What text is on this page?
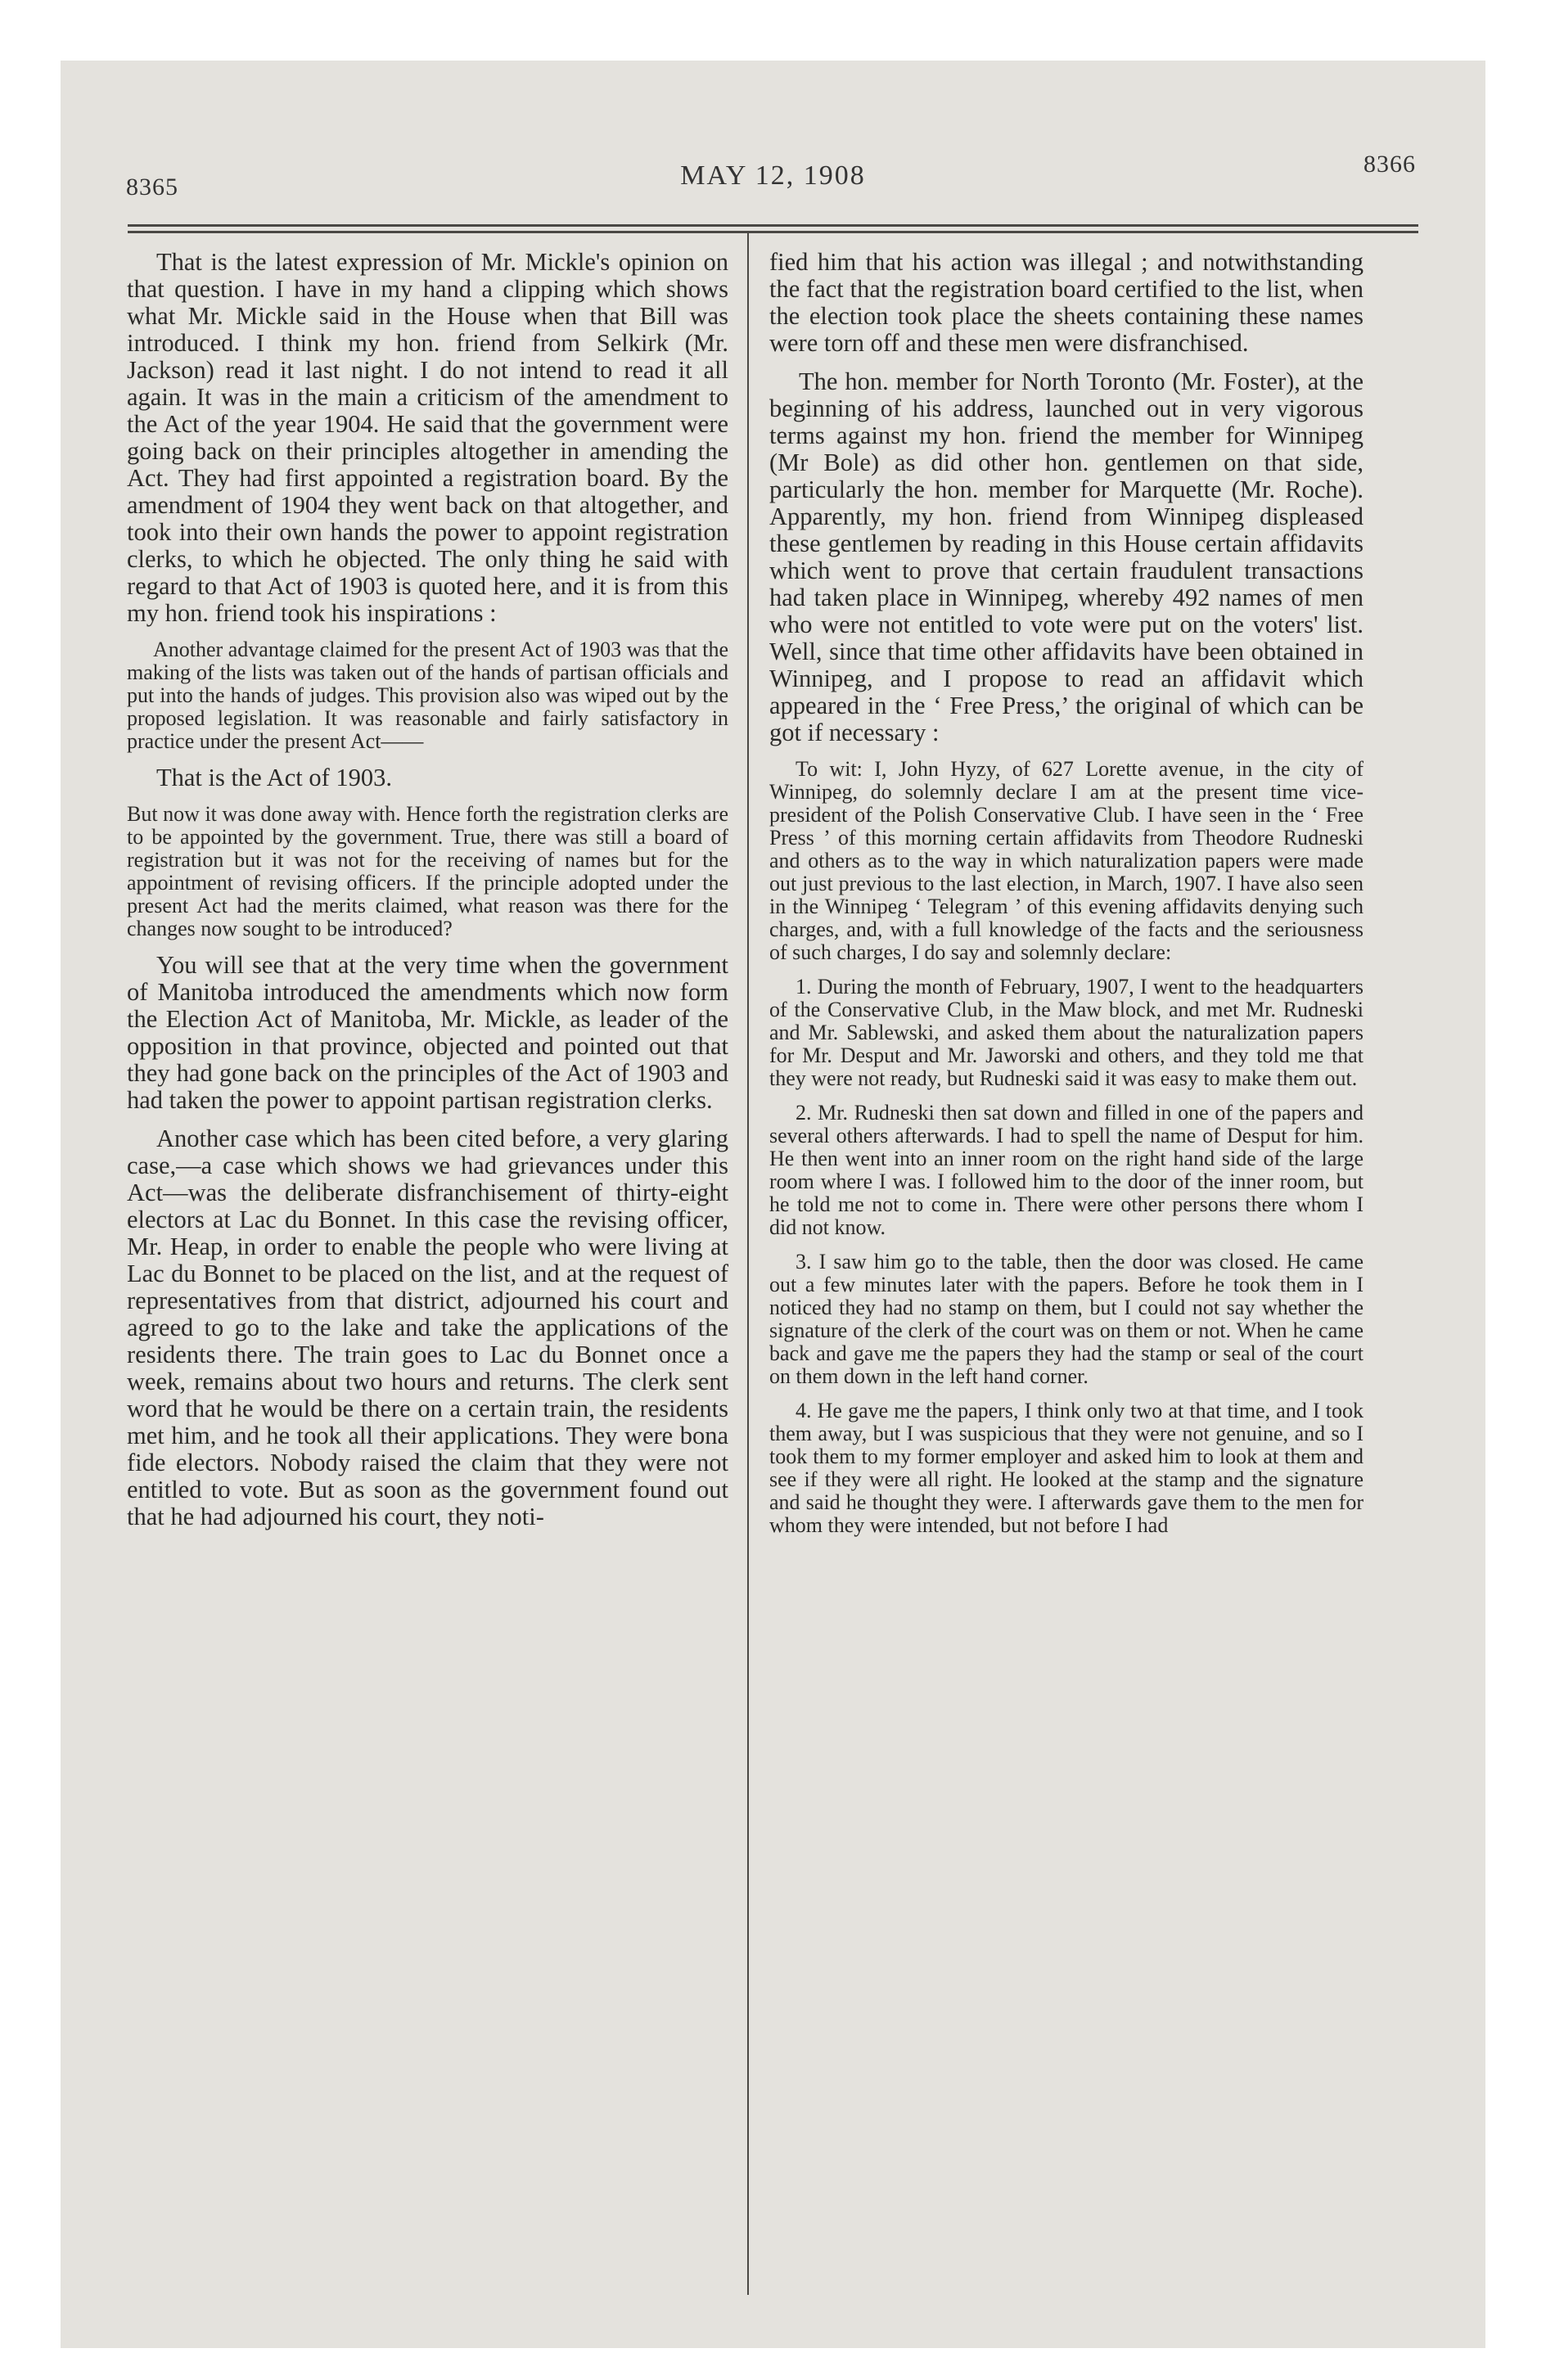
8365	MAY 12, 1908	8366
That is the latest expression of Mr. Mickle's opinion on that question. I have in my hand a clipping which shows what Mr. Mickle said in the House when that Bill was introduced. I think my hon. friend from Selkirk (Mr. Jackson) read it last night. I do not intend to read it all again. It was in the main a criticism of the amendment to the Act of the year 1904. He said that the government were going back on their principles altogether in amending the Act. They had first appointed a registration board. By the amendment of 1904 they went back on that altogether, and took into their own hands the power to appoint registration clerks, to which he objected. The only thing he said with regard to that Act of 1903 is quoted here, and it is from this my hon. friend took his inspirations :
Another advantage claimed for the present Act of 1903 was that the making of the lists was taken out of the hands of partisan officials and put into the hands of judges. This provision also was wiped out by the proposed legislation. It was reasonable and fairly satisfactory in practice under the present Act——
That is the Act of 1903.
But now it was done away with. Hence forth the registration clerks are to be appointed by the government. True, there was still a board of registration but it was not for the receiving of names but for the appointment of revising officers. If the principle adopted under the present Act had the merits claimed, what reason was there for the changes now sought to be introduced?
You will see that at the very time when the government of Manitoba introduced the amendments which now form the Election Act of Manitoba, Mr. Mickle, as leader of the opposition in that province, objected and pointed out that they had gone back on the principles of the Act of 1903 and had taken the power to appoint partisan registration clerks.
Another case which has been cited before, a very glaring case,—a case which shows we had grievances under this Act—was the deliberate disfranchisement of thirty-eight electors at Lac du Bonnet. In this case the revising officer, Mr. Heap, in order to enable the people who were living at Lac du Bonnet to be placed on the list, and at the request of representatives from that district, adjourned his court and agreed to go to the lake and take the applications of the residents there. The train goes to Lac du Bonnet once a week, remains about two hours and returns. The clerk sent word that he would be there on a certain train, the residents met him, and he took all their applications. They were bona fide electors. Nobody raised the claim that they were not entitled to vote. But as soon as the government found out that he had adjourned his court, they noti-
fied him that his action was illegal ; and notwithstanding the fact that the registration board certified to the list, when the election took place the sheets containing these names were torn off and these men were disfranchised.
The hon. member for North Toronto (Mr. Foster), at the beginning of his address, launched out in very vigorous terms against my hon. friend the member for Winnipeg (Mr Bole) as did other hon. gentlemen on that side, particularly the hon. member for Marquette (Mr. Roche). Apparently, my hon. friend from Winnipeg displeased these gentlemen by reading in this House certain affidavits which went to prove that certain fraudulent transactions had taken place in Winnipeg, whereby 492 names of men who were not entitled to vote were put on the voters' list. Well, since that time other affidavits have been obtained in Winnipeg, and I propose to read an affidavit which appeared in the ‘ Free Press,’ the original of which can be got if necessary :
To wit: I, John Hyzy, of 627 Lorette avenue, in the city of Winnipeg, do solemnly declare I am at the present time vice-president of the Polish Conservative Club. I have seen in the ‘ Free Press ’ of this morning certain affidavits from Theodore Rudneski and others as to the way in which naturalization papers were made out just previous to the last election, in March, 1907. I have also seen in the Winnipeg ‘ Telegram ’ of this evening affidavits denying such charges, and, with a full knowledge of the facts and the seriousness of such charges, I do say and solemnly declare:
1. During the month of February, 1907, I went to the headquarters of the Conservative Club, in the Maw block, and met Mr. Rudneski and Mr. Sablewski, and asked them about the naturalization papers for Mr. Desput and Mr. Jaworski and others, and they told me that they were not ready, but Rudneski said it was easy to make them out.
2. Mr. Rudneski then sat down and filled in one of the papers and several others afterwards. I had to spell the name of Desput for him. He then went into an inner room on the right hand side of the large room where I was. I followed him to the door of the inner room, but he told me not to come in. There were other persons there whom I did not know.
3. I saw him go to the table, then the door was closed. He came out a few minutes later with the papers. Before he took them in I noticed they had no stamp on them, but I could not say whether the signature of the clerk of the court was on them or not. When he came back and gave me the papers they had the stamp or seal of the court on them down in the left hand corner.
4. He gave me the papers, I think only two at that time, and I took them away, but I was suspicious that they were not genuine, and so I took them to my former employer and asked him to look at them and see if they were all right. He looked at the stamp and the signature and said he thought they were. I afterwards gave them to the men for whom they were intended, but not before I had
